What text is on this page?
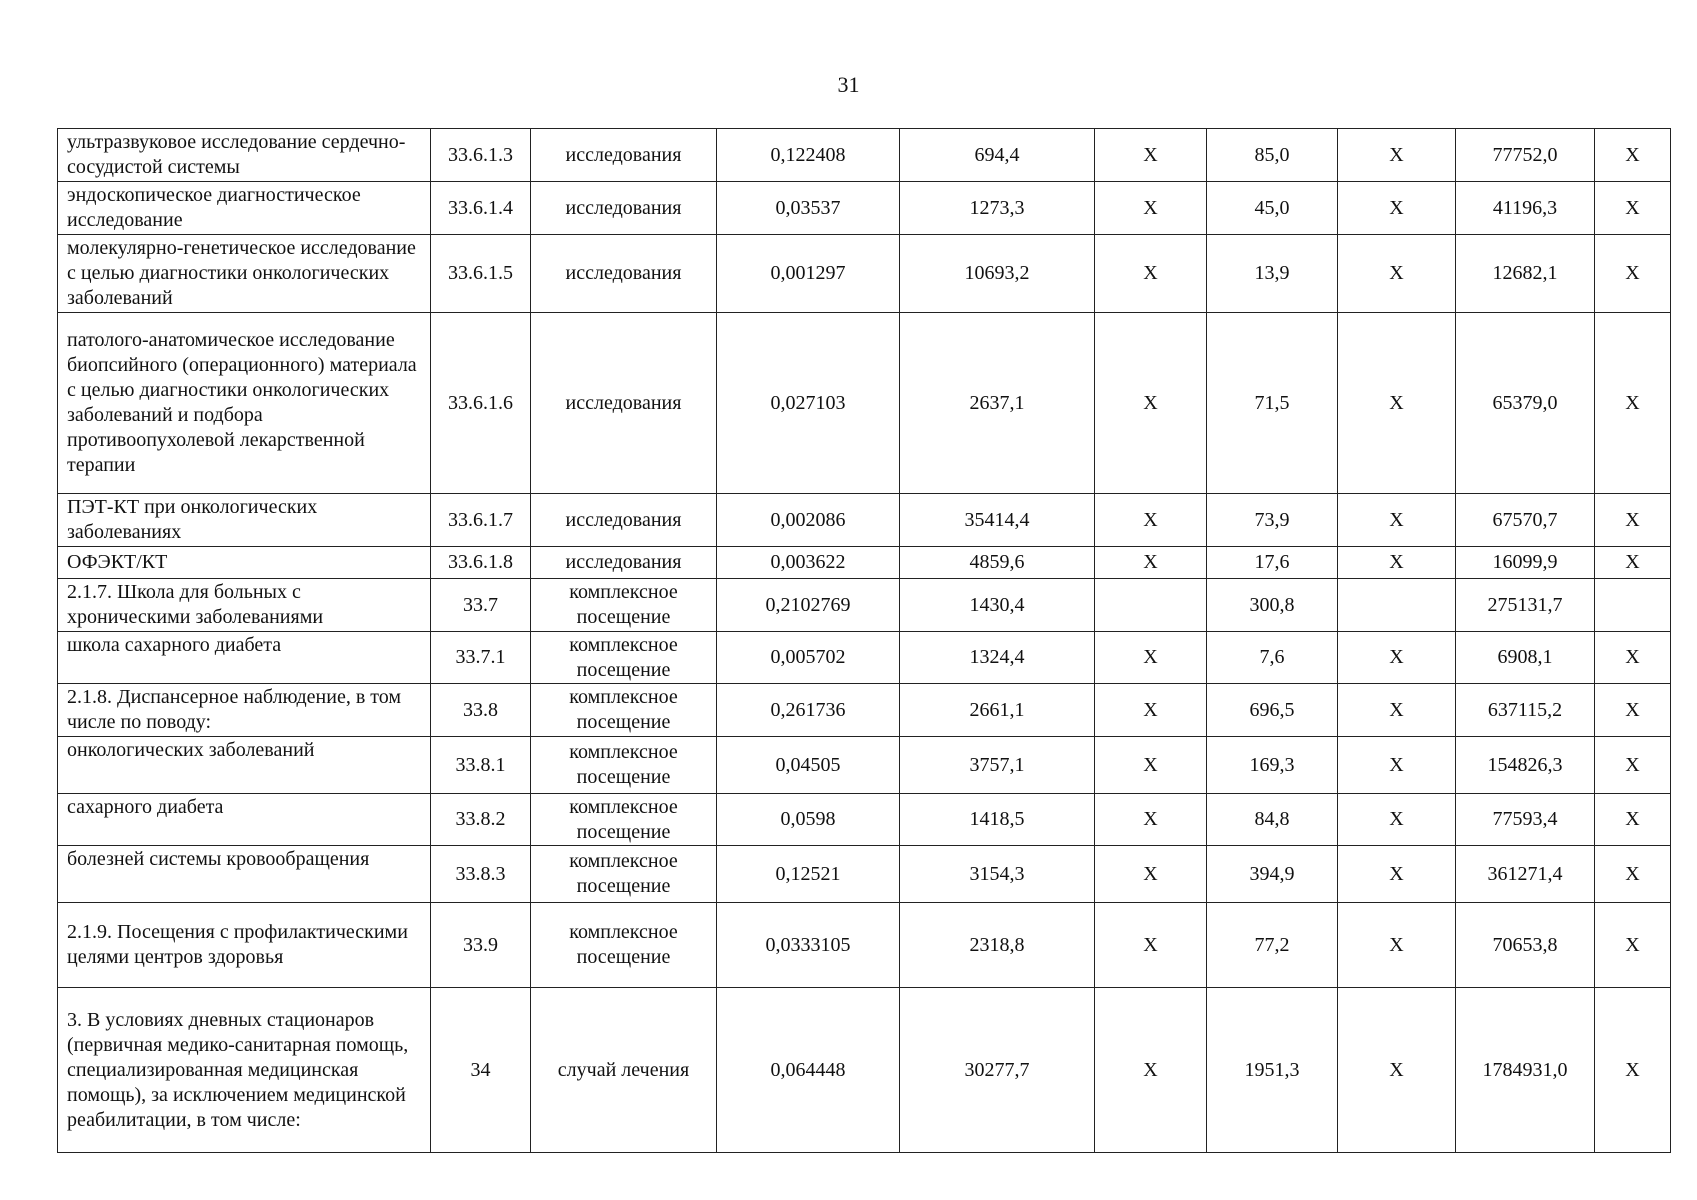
31
ультразвуковое исследование сердечно-сосудистой системы	33.6.1.3	исследования	0,122408	694,4	Х	85,0	Х	77752,0	Х
эндоскопическое диагностическое исследование	33.6.1.4	исследования	0,03537	1273,3	Х	45,0	Х	41196,3	Х
молекулярно-генетическое исследование с целью диагностики онкологических заболеваний	33.6.1.5	исследования	0,001297	10693,2	Х	13,9	Х	12682,1	Х
патолого-анатомическое исследование биопсийного (операционного) материала с целью диагностики онкологических заболеваний и подбора противоопухолевой лекарственной терапии	33.6.1.6	исследования	0,027103	2637,1	Х	71,5	Х	65379,0	Х
ПЭТ-КТ при онкологических заболеваниях	33.6.1.7	исследования	0,002086	35414,4	Х	73,9	Х	67570,7	Х
ОФЭКТ/КТ	33.6.1.8	исследования	0,003622	4859,6	Х	17,6	Х	16099,9	Х
2.1.7. Школа для больных с хроническими заболеваниями	33.7	комплексное посещение	0,2102769	1430,4		300,8		275131,7	
школа сахарного диабета	33.7.1	комплексное посещение	0,005702	1324,4	Х	7,6	Х	6908,1	Х
2.1.8. Диспансерное наблюдение, в том числе по поводу:	33.8	комплексное посещение	0,261736	2661,1	Х	696,5	Х	637115,2	Х
онкологических заболеваний	33.8.1	комплексное посещение	0,04505	3757,1	Х	169,3	Х	154826,3	Х
сахарного диабета	33.8.2	комплексное посещение	0,0598	1418,5	Х	84,8	Х	77593,4	Х
болезней системы кровообращения	33.8.3	комплексное посещение	0,12521	3154,3	Х	394,9	Х	361271,4	Х
2.1.9. Посещения с профилактическими целями центров здоровья	33.9	комплексное посещение	0,0333105	2318,8	Х	77,2	Х	70653,8	Х
3. В условиях дневных стационаров (первичная медико-санитарная помощь, специализированная медицинская помощь), за исключением медицинской реабилитации, в том числе:	34	случай лечения	0,064448	30277,7	Х	1951,3	Х	1784931,0	Х
